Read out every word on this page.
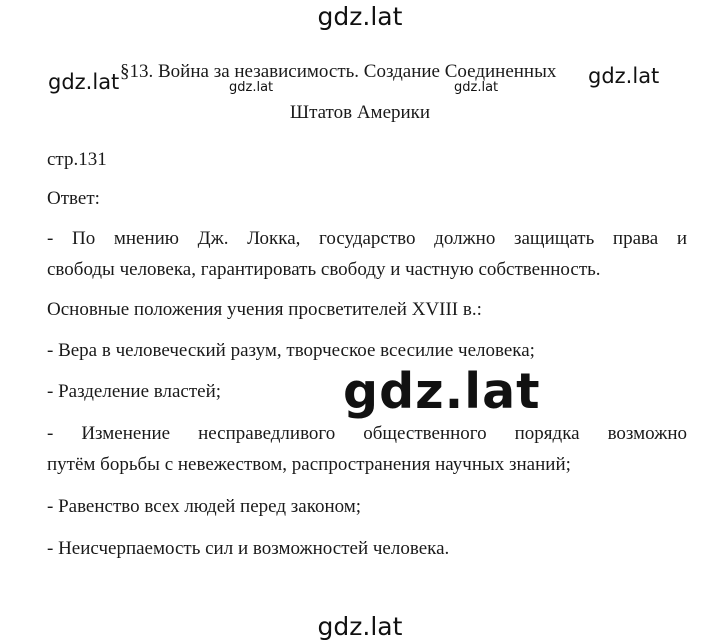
gdz.lat
§13. Война за независимость. Создание Соединенных
gdz.lat	gdz.lat
gdz.lat	gdz.lat
Штатов Америки
стр.131
Ответ:
- По мнению Дж. Локка, государство должно защищать права и
свободы человека, гарантировать свободу и частную собственность.
Основные положения учения просветителей XVIII в.:
- Вера в человеческий разум, творческое всесилие человека;
- Разделение властей; gdz.lat
- Изменение несправедливого общественного порядка возможно
путём борьбы с невежеством, распространения научных знаний;
- Равенство всех людей перед законом;
- Неисчерпаемость сил и возможностей человека.
gdz.lat
